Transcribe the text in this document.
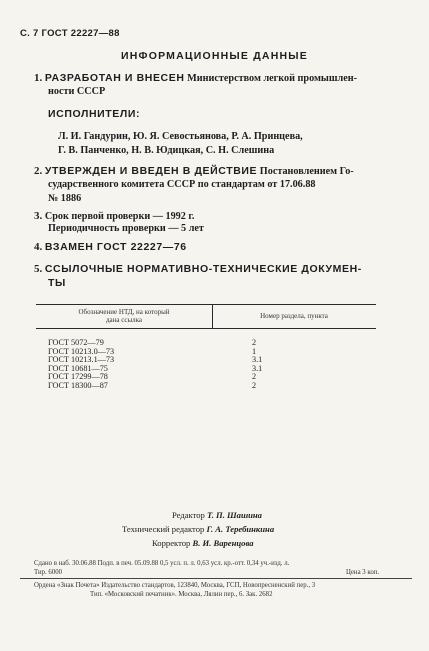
С. 7 ГОСТ 22227—88
ИНФОРМАЦИОННЫЕ ДАННЫЕ
1. РАЗРАБОТАН И ВНЕСЕН Министерством легкой промышлен-
ности СССР
ИСПОЛНИТЕЛИ:
Л. И. Гандурин, Ю. Я. Севостьянова, Р. А. Принцева,
Г. В. Панченко, Н. В. Юдицкая, С. Н. Слешина
2. УТВЕРЖДЕН И ВВЕДЕН В ДЕЙСТВИЕ Постановлением Го-
сударственного комитета СССР по стандартам от 17.06.88
№ 1886
3. Срок первой проверки — 1992 г.
Периодичность проверки — 5 лет
4. ВЗАМЕН ГОСТ 22227—76
5. ССЫЛОЧНЫЕ НОРМАТИВНО-ТЕХНИЧЕСКИЕ ДОКУМЕН-
ТЫ
Обозначение НТД, на который
дана ссылка	Номер раздела, пункта
ГОСТ 5072—79	2
ГОСТ 10213.0—73	1
ГОСТ 10213.1—73	3.1
ГОСТ 10681—75	3.1
ГОСТ 17299—78	2
ГОСТ 18300—87	2
Редактор Т. П. Шашина
Технический редактор Г. А. Теребинкина
Корректор В. И. Варенцова
Сдано в наб. 30.06.88 Подп. в печ. 05.09.88 0,5 усл. п. л. 0,63 усл. кр.-отт. 0,34 уч.-изд. л.
Тир. 6000	Цена 3 коп.
Ордена «Знак Почета» Издательство стандартов, 123840, Москва, ГСП, Новопресненский пер., 3
Тип. «Московский печатник». Москва, Лялин пер., 6. Зак. 2682
